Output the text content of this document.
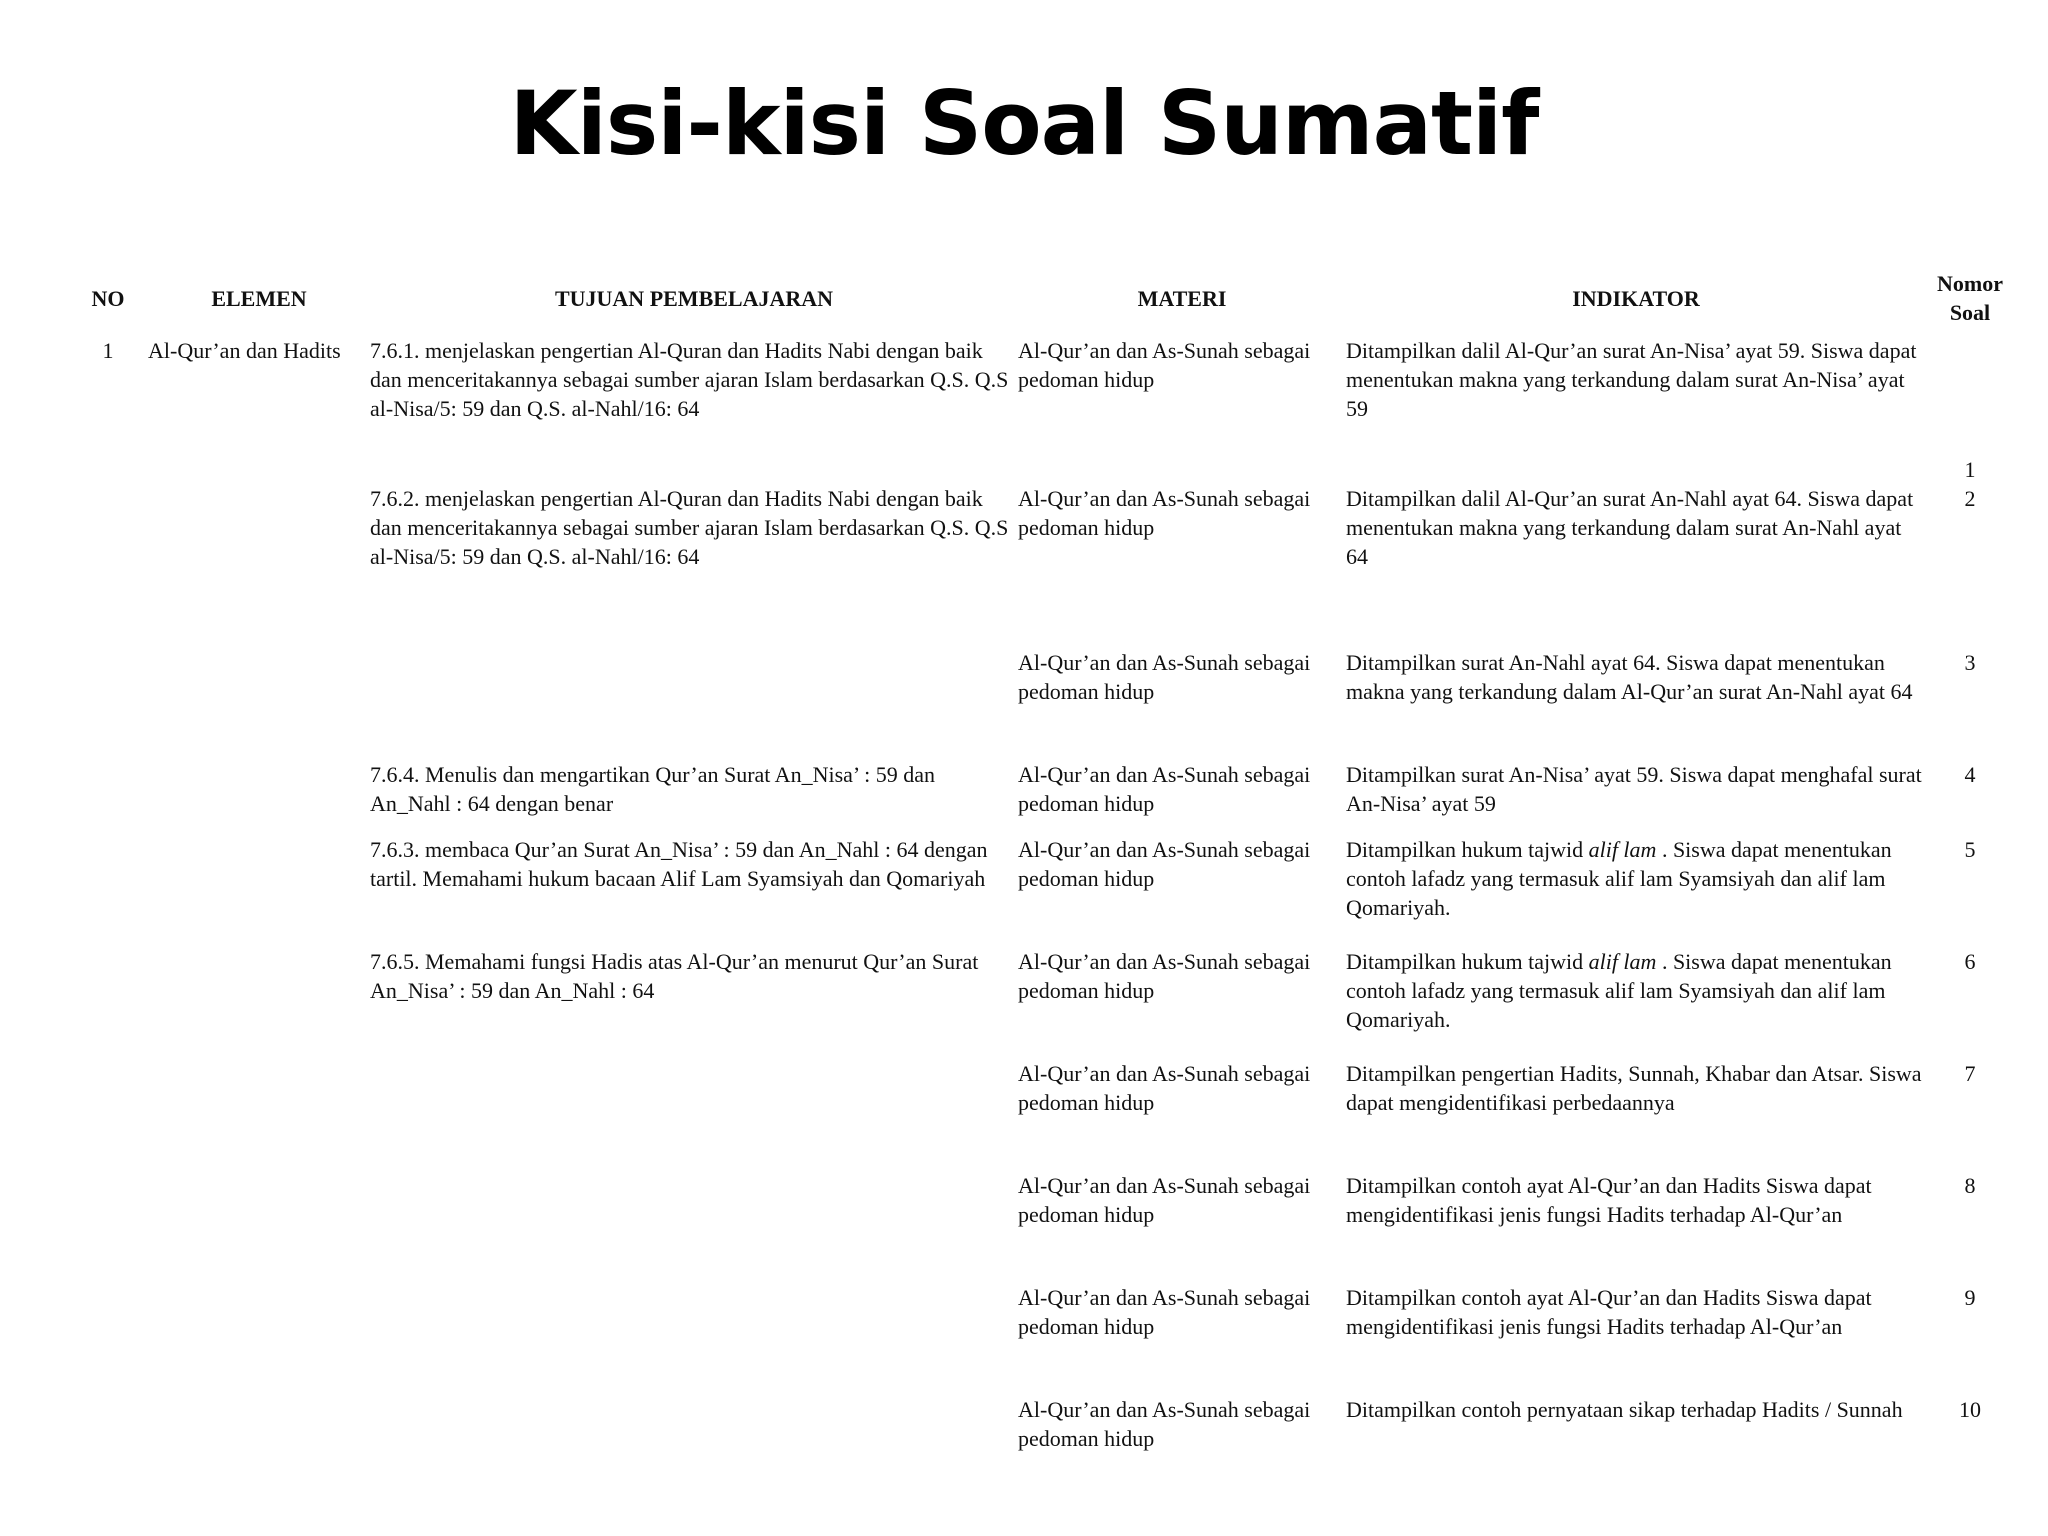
Kisi-kisi Soal Sumatif
NO	ELEMEN	TUJUAN PEMBELAJARAN	MATERI	INDIKATOR	Nomor
Soal
1	Al-Qur’an dan Hadits	7.6.1. menjelaskan pengertian Al-Quran dan Hadits Nabi dengan baik dan menceritakannya sebagai sumber ajaran Islam berdasarkan Q.S. Q.S al-Nisa/5: 59 dan Q.S. al-Nahl/16: 64	Al-Qur’an dan As-Sunah sebagai pedoman hidup	Ditampilkan dalil Al-Qur’an surat An-Nisa’ ayat 59. Siswa dapat menentukan makna yang terkandung dalam surat An-Nisa’ ayat 59	1
		7.6.2. menjelaskan pengertian Al-Quran dan Hadits Nabi dengan baik dan menceritakannya sebagai sumber ajaran Islam berdasarkan Q.S. Q.S al-Nisa/5: 59 dan Q.S. al-Nahl/16: 64	Al-Qur’an dan As-Sunah sebagai pedoman hidup	Ditampilkan dalil Al-Qur’an surat An-Nahl ayat 64. Siswa dapat menentukan makna yang terkandung dalam surat An-Nahl ayat 64	2
			Al-Qur’an dan As-Sunah sebagai pedoman hidup	Ditampilkan surat An-Nahl ayat 64. Siswa dapat menentukan makna yang terkandung dalam Al-Qur’an surat An-Nahl ayat 64	3
		7.6.4. Menulis dan mengartikan Qur’an Surat An_Nisa’ : 59 dan An_Nahl : 64 dengan benar	Al-Qur’an dan As-Sunah sebagai pedoman hidup	Ditampilkan surat An-Nisa’ ayat 59. Siswa dapat menghafal surat An-Nisa’ ayat 59	4
		7.6.3. membaca Qur’an Surat An_Nisa’ : 59 dan An_Nahl : 64 dengan tartil. Memahami hukum bacaan Alif Lam Syamsiyah dan Qomariyah	Al-Qur’an dan As-Sunah sebagai pedoman hidup	Ditampilkan hukum tajwid alif lam . Siswa dapat menentukan contoh lafadz yang termasuk alif lam Syamsiyah dan alif lam Qomariyah.	5
		7.6.5. Memahami fungsi Hadis atas Al-Qur’an menurut Qur’an Surat An_Nisa’ : 59 dan An_Nahl : 64	Al-Qur’an dan As-Sunah sebagai pedoman hidup	Ditampilkan hukum tajwid alif lam . Siswa dapat menentukan contoh lafadz yang termasuk alif lam Syamsiyah dan alif lam Qomariyah.	6
			Al-Qur’an dan As-Sunah sebagai pedoman hidup	Ditampilkan pengertian Hadits, Sunnah, Khabar dan Atsar. Siswa dapat mengidentifikasi perbedaannya	7
			Al-Qur’an dan As-Sunah sebagai pedoman hidup	Ditampilkan contoh ayat Al-Qur’an dan Hadits Siswa dapat mengidentifikasi jenis fungsi Hadits terhadap Al-Qur’an	8
			Al-Qur’an dan As-Sunah sebagai pedoman hidup	Ditampilkan contoh ayat Al-Qur’an dan Hadits Siswa dapat mengidentifikasi jenis fungsi Hadits terhadap Al-Qur’an	9
			Al-Qur’an dan As-Sunah sebagai pedoman hidup	Ditampilkan contoh pernyataan sikap terhadap Hadits / Sunnah	10
